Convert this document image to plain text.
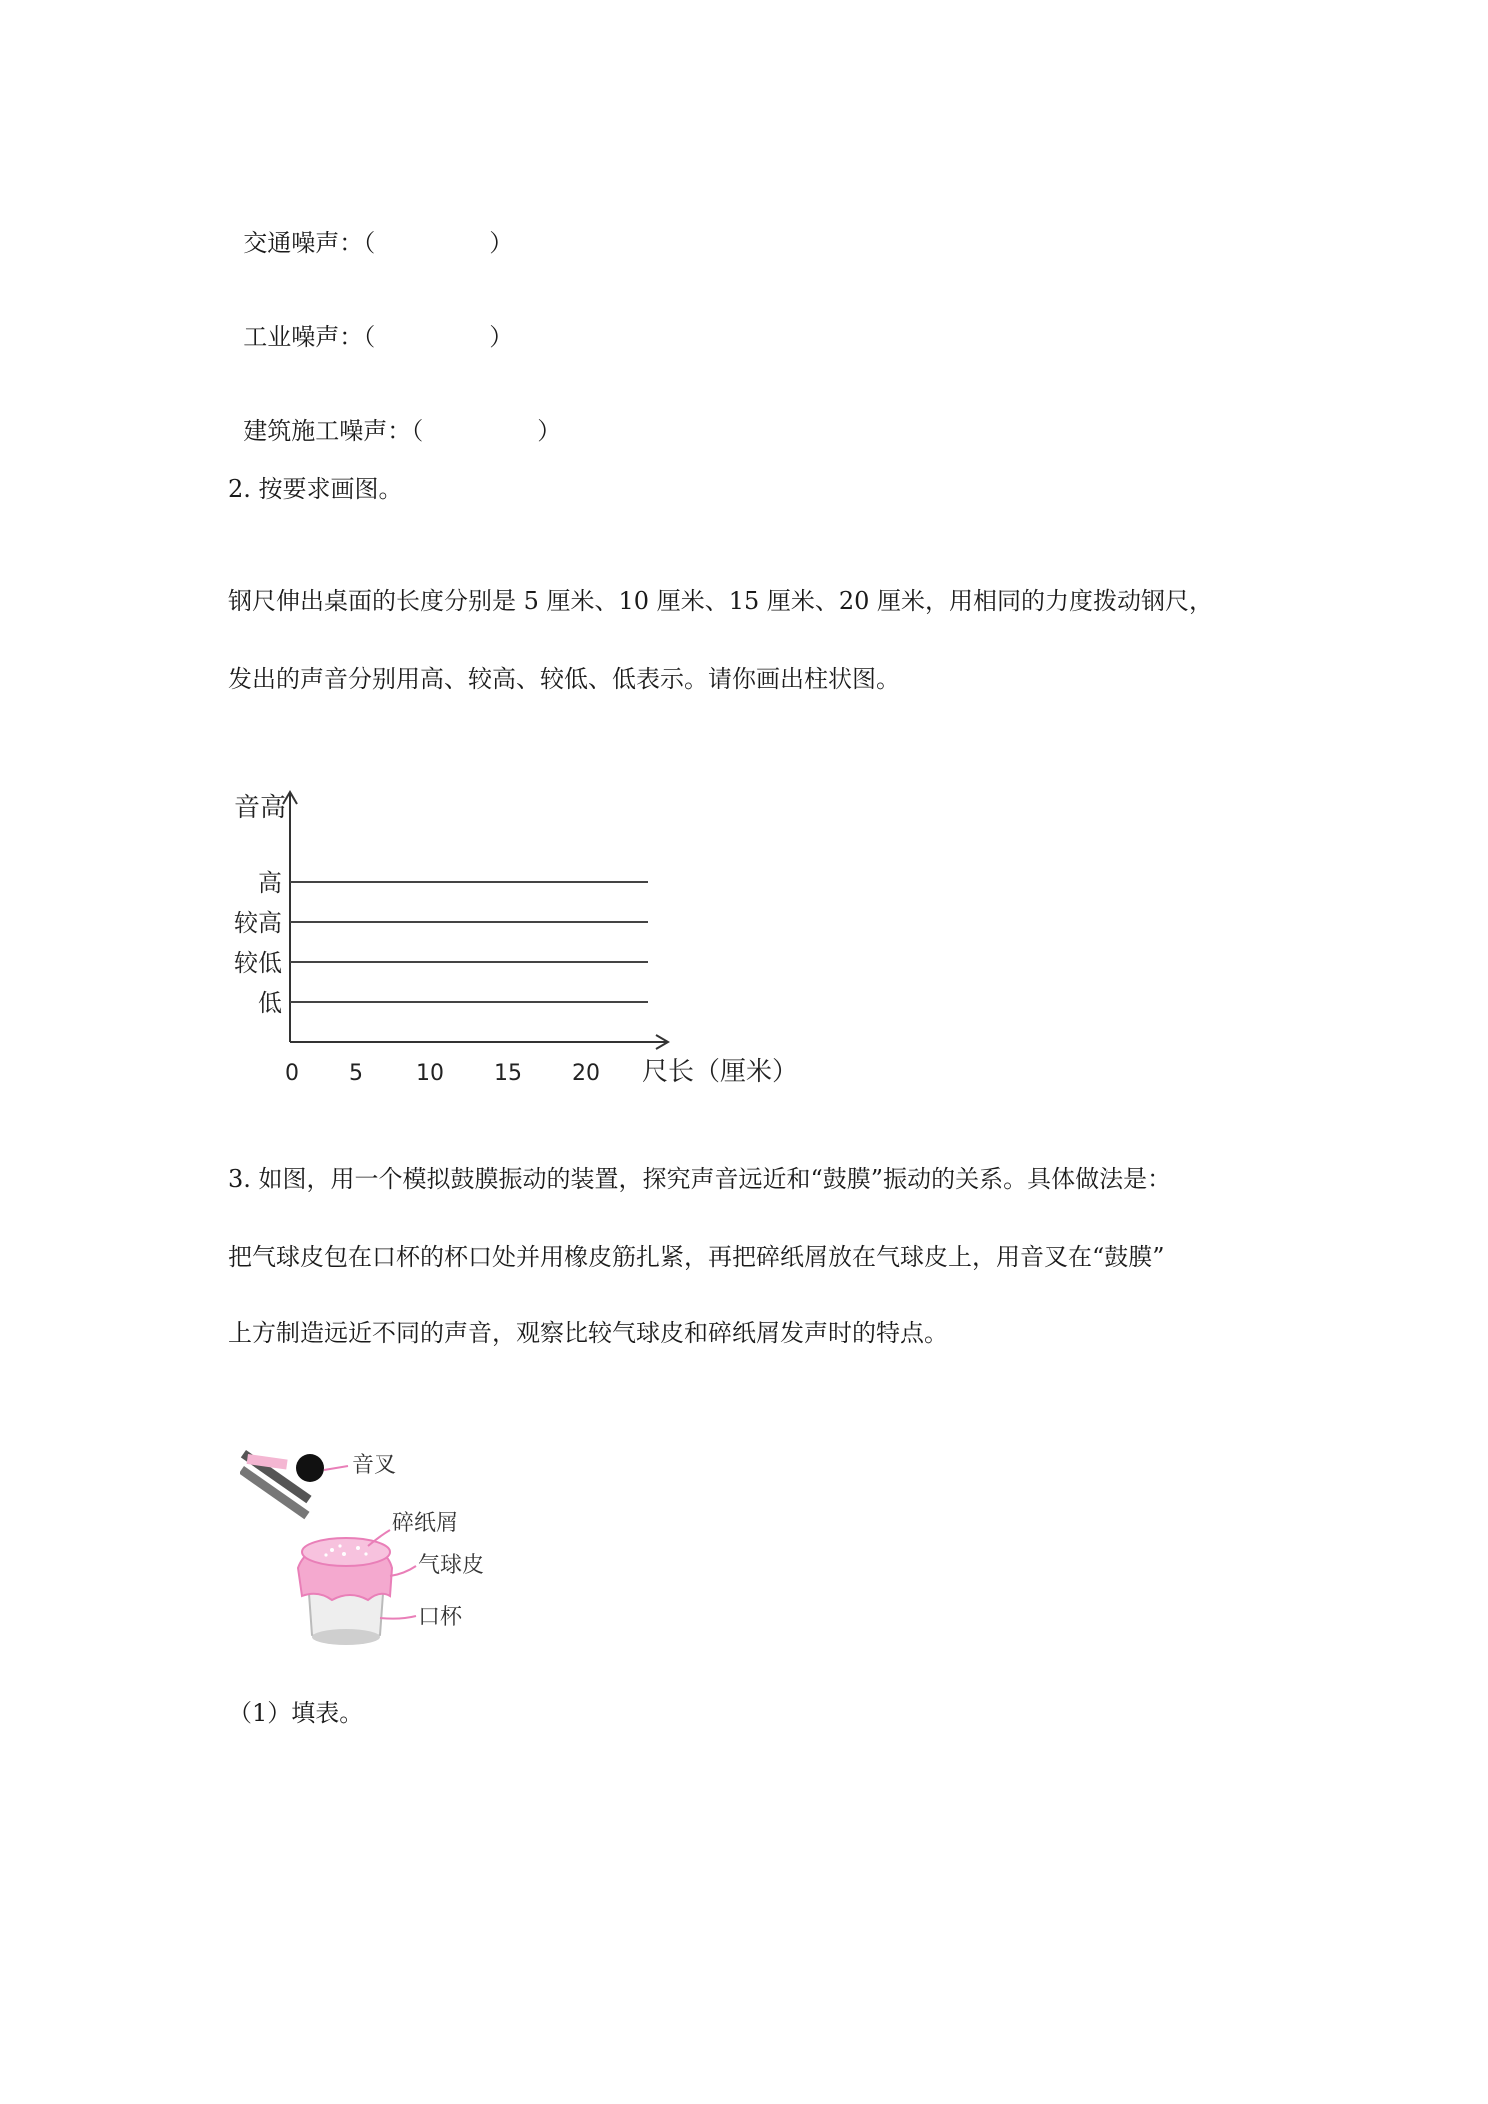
交通噪声：（	）

工业噪声：（	）

建筑施工噪声：（	）

2. 按要求画图。
钢尺伸出桌面的长度分别是 5 厘米、10 厘米、15 厘米、20 厘米，用相同的力度拨动钢尺，
发出的声音分别用高、较高、较低、低表示。请你画出柱状图。
音高
高
较高
较低
低
0 5 10 15 20 尺长（厘米）
3. 如图，用一个模拟鼓膜振动的装置，探究声音远近和“鼓膜”振动的关系。具体做法是：
把气球皮包在口杯的杯口处并用橡皮筋扎紧，再把碎纸屑放在气球皮上，用音叉在“鼓膜”
上方制造远近不同的声音，观察比较气球皮和碎纸屑发声时的特点。
音叉
碎纸屑
气球皮
口杯
（1）填表。
